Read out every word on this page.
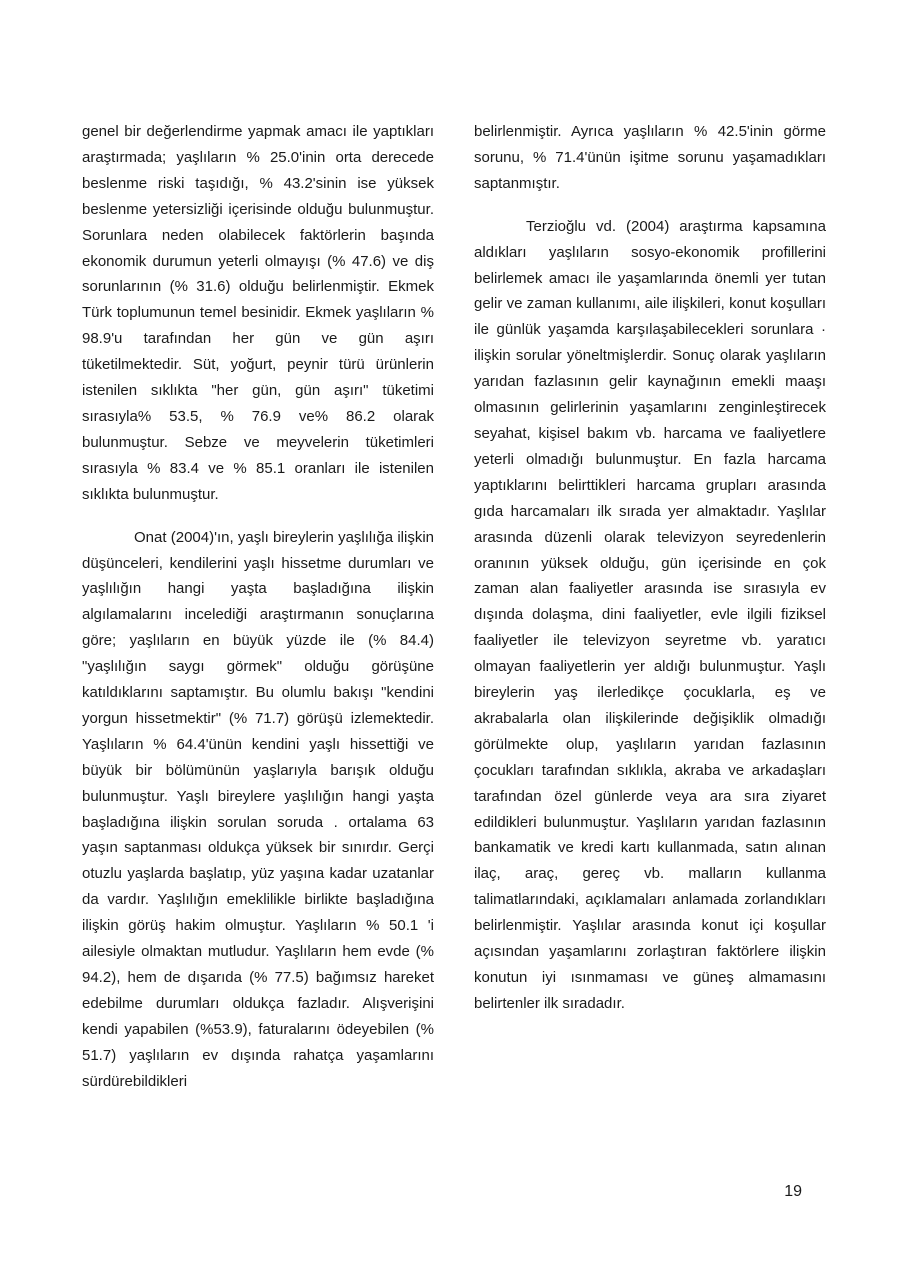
genel bir değerlendirme yapmak amacı ile yaptıkları araştırmada; yaşlıların % 25.0'inin orta derecede beslenme riski taşıdığı, % 43.2'sinin ise yüksek beslenme yetersizliği içerisinde olduğu bulunmuştur. Sorunlara neden olabilecek faktörlerin başında ekonomik durumun yeterli olmayışı (% 47.6) ve diş sorunlarının (% 31.6) olduğu belirlenmiştir. Ekmek Türk toplumunun temel besinidir. Ekmek yaşlıların % 98.9'u tarafından her gün ve gün aşırı tüketilmektedir. Süt, yoğurt, peynir türü ürünlerin istenilen sıklıkta "her gün, gün aşırı" tüketimi sırasıyla% 53.5, % 76.9 ve% 86.2 olarak bulunmuştur. Sebze ve meyvelerin tüketimleri sırasıyla % 83.4 ve % 85.1 oranları ile istenilen sıklıkta bulunmuştur.

Onat (2004)'ın, yaşlı bireylerin yaşlılığa ilişkin düşünceleri, kendilerini yaşlı hissetme durumları ve yaşlılığın hangi yaşta başladığına ilişkin algılamalarını incelediği araştırmanın sonuçlarına göre; yaşlıların en büyük yüzde ile (% 84.4) "yaşlılığın saygı görmek" olduğu görüşüne katıldıklarını saptamıştır. Bu olumlu bakışı "kendini yorgun hissetmektir" (% 71.7) görüşü izlemektedir. Yaşlıların % 64.4'ünün kendini yaşlı hissettiği ve büyük bir bölümünün yaşlarıyla barışık olduğu bulunmuştur. Yaşlı bireylere yaşlılığın hangi yaşta başladığına ilişkin sorulan soruda . ortalama 63 yaşın saptanması oldukça yüksek bir sınırdır. Gerçi otuzlu yaşlarda başlatıp, yüz yaşına kadar uzatanlar da vardır. Yaşlılığın emeklilikle birlikte başladığına ilişkin görüş hakim olmuştur. Yaşlıların % 50.1 'i ailesiyle olmaktan mutludur. Yaşlıların hem evde (% 94.2), hem de dışarıda (% 77.5) bağımsız hareket edebilme durumları oldukça fazladır. Alışverişini kendi yapabilen (%53.9), faturalarını ödeyebilen (% 51.7) yaşlıların ev dışında rahatça yaşamlarını sürdürebildikleri

belirlenmiştir. Ayrıca yaşlıların % 42.5'inin görme sorunu, % 71.4'ünün işitme sorunu yaşamadıkları saptanmıştır.

Terzioğlu vd. (2004) araştırma kapsamına aldıkları yaşlıların sosyo-ekonomik profillerini belirlemek amacı ile yaşamlarında önemli yer tutan gelir ve zaman kullanımı, aile ilişkileri, konut koşulları ile günlük yaşamda karşılaşabilecekleri sorunlara · ilişkin sorular yöneltmişlerdir. Sonuç olarak yaşlıların yarıdan fazlasının gelir kaynağının emekli maaşı olmasının gelirlerinin yaşamlarını zenginleştirecek seyahat, kişisel bakım vb. harcama ve faaliyetlere yeterli olmadığı bulunmuştur. En fazla harcama yaptıklarını belirttikleri harcama grupları arasında gıda harcamaları ilk sırada yer almaktadır. Yaşlılar arasında düzenli olarak televizyon seyredenlerin oranının yüksek olduğu, gün içerisinde en çok zaman alan faaliyetler arasında ise sırasıyla ev dışında dolaşma, dini faaliyetler, evle ilgili fiziksel faaliyetler ile televizyon seyretme vb. yaratıcı olmayan faaliyetlerin yer aldığı bulunmuştur. Yaşlı bireylerin yaş ilerledikçe çocuklarla, eş ve akrabalarla olan ilişkilerinde değişiklik olmadığı görülmekte olup, yaşlıların yarıdan fazlasının çocukları tarafından sıklıkla, akraba ve arkadaşları tarafından özel günlerde veya ara sıra ziyaret edildikleri bulunmuştur. Yaşlıların yarıdan fazlasının bankamatik ve kredi kartı kullanmada, satın alınan ilaç, araç, gereç vb. malların kullanma talimatlarındaki, açıklamaları anlamada zorlandıkları belirlenmiştir. Yaşlılar arasında konut içi koşullar açısından yaşamlarını zorlaştıran faktörlere ilişkin konutun iyi ısınmaması ve güneş almamasını belirtenler ilk sıradadır.

19
